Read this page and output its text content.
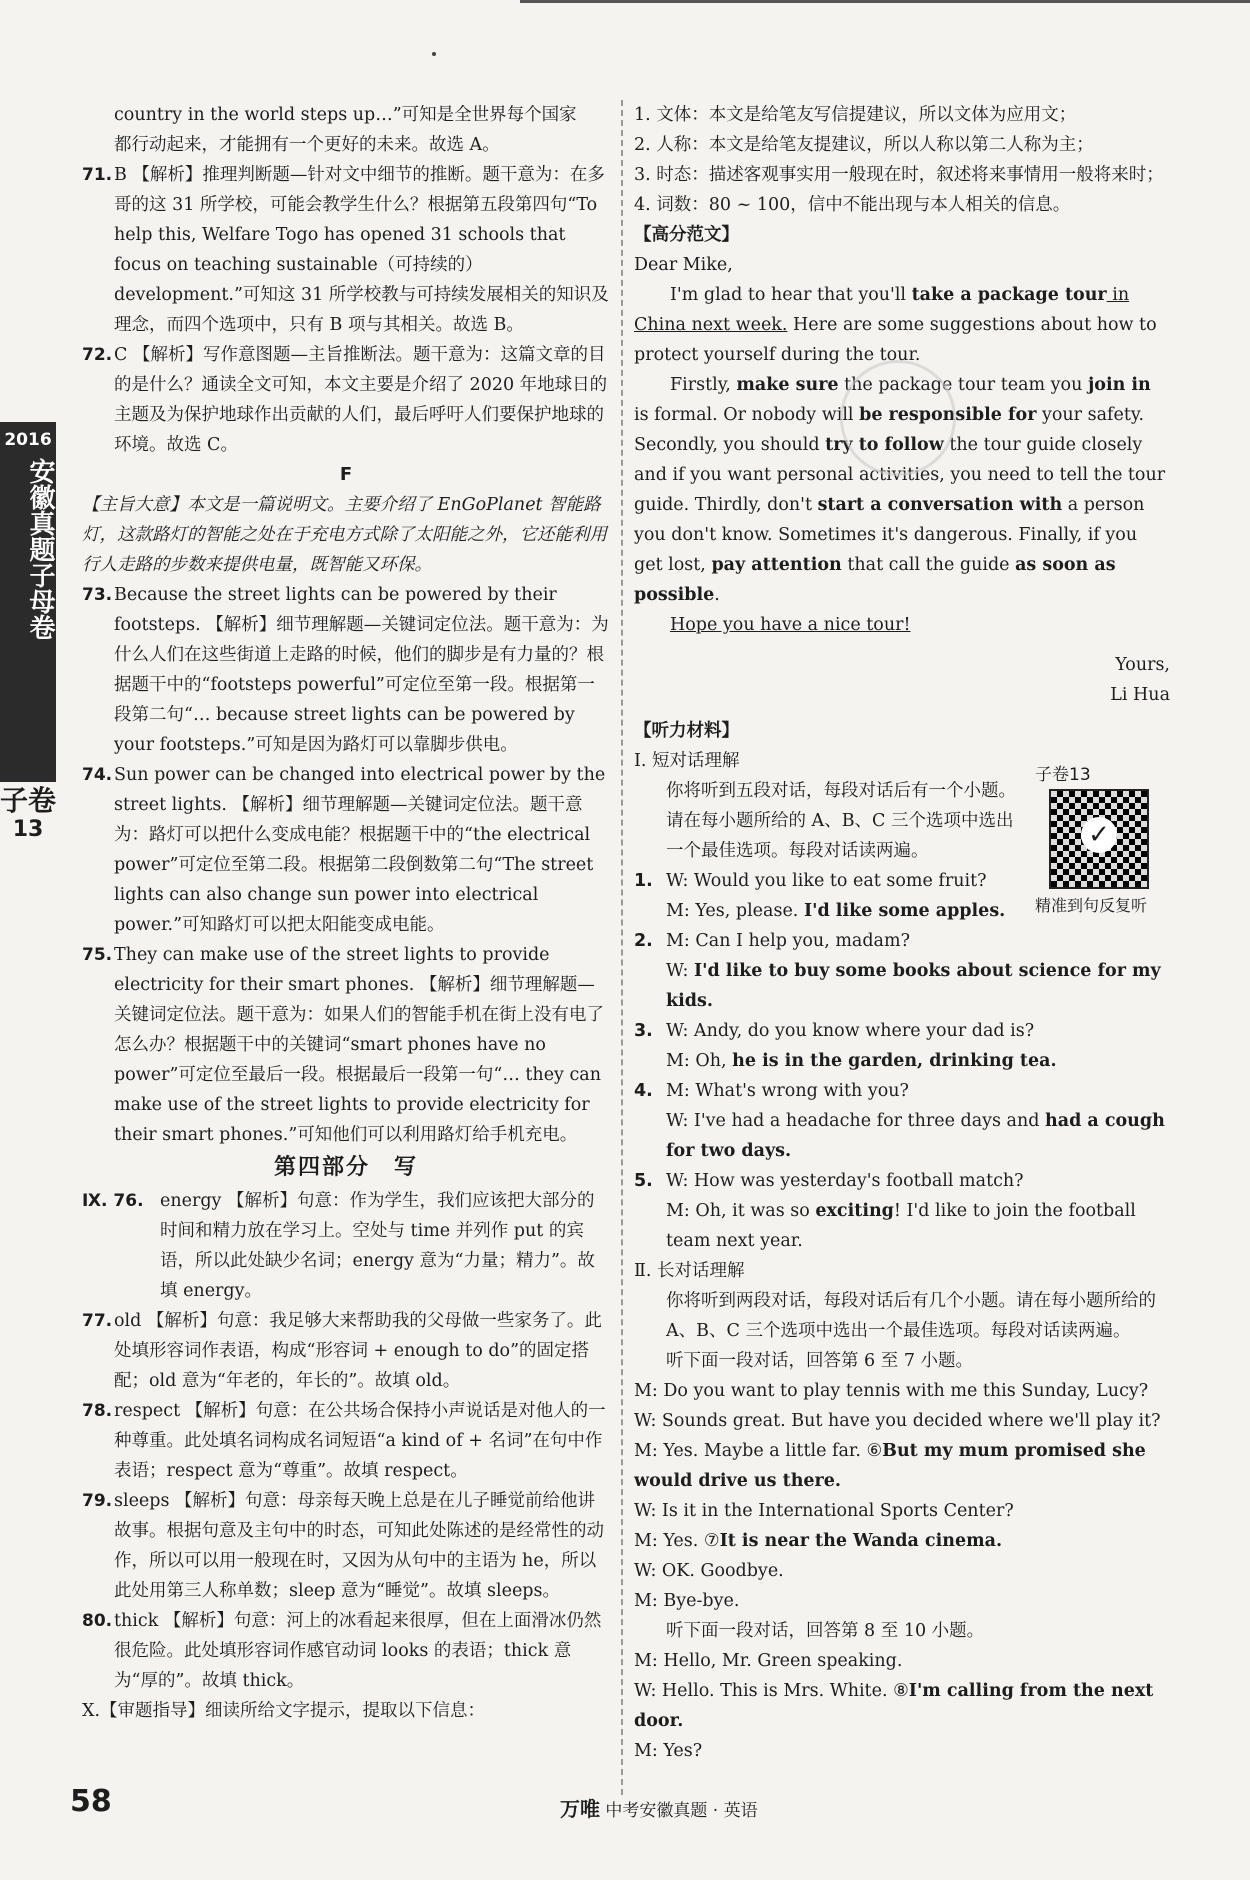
2016
安徽真题子母卷
子卷
13

country in the world steps up…”可知是全世界每个国家

都行动起来，才能拥有一个更好的未来。故选 A。

71. B 【解析】推理判断题—针对文中细节的推断。题干意为：在多哥的这 31 所学校，可能会教学生什么？根据第五段第四句“To help this, Welfare Togo has opened 31 schools that focus on teaching sustainable（可持续的）development.”可知这 31 所学校教与可持续发展相关的知识及理念，而四个选项中，只有 B 项与其相关。故选 B。
72. C 【解析】写作意图题—主旨推断法。题干意为：这篇文章的目的是什么？通读全文可知，本文主要是介绍了 2020 年地球日的主题及为保护地球作出贡献的人们，最后呼吁人们要保护地球的环境。故选 C。

F

【主旨大意】本文是一篇说明文。主要介绍了 EnGoPlanet 智能路灯，这款路灯的智能之处在于充电方式除了太阳能之外，它还能利用行人走路的步数来提供电量，既智能又环保。

73. Because the street lights can be powered by their footsteps. 【解析】细节理解题—关键词定位法。题干意为：为什么人们在这些街道上走路的时候，他们的脚步是有力量的？根据题干中的“footsteps powerful”可定位至第一段。根据第一段第二句“… because street lights can be powered by your footsteps.”可知是因为路灯可以靠脚步供电。
74. Sun power can be changed into electrical power by the street lights. 【解析】细节理解题—关键词定位法。题干意为：路灯可以把什么变成电能？根据题干中的“the electrical power”可定位至第二段。根据第二段倒数第二句“The street lights can also change sun power into electrical power.”可知路灯可以把太阳能变成电能。
75. They can make use of the street lights to provide electricity for their smart phones. 【解析】细节理解题—关键词定位法。题干意为：如果人们的智能手机在街上没有电了怎么办？根据题干中的关键词“smart phones have no power”可定位至最后一段。根据最后一段第一句“… they can make use of the street lights to provide electricity for their smart phones.”可知他们可以利用路灯给手机充电。

第四部分　写

Ⅸ. 76. energy 【解析】句意：作为学生，我们应该把大部分的时间和精力放在学习上。空处与 time 并列作 put 的宾语，所以此处缺少名词；energy 意为“力量；精力”。故填 energy。
77. old 【解析】句意：我足够大来帮助我的父母做一些家务了。此处填形容词作表语，构成“形容词 + enough to do”的固定搭配；old 意为“年老的，年长的”。故填 old。
78. respect 【解析】句意：在公共场合保持小声说话是对他人的一种尊重。此处填名词构成名词短语“a kind of + 名词”在句中作表语；respect 意为“尊重”。故填 respect。
79. sleeps 【解析】句意：母亲每天晚上总是在儿子睡觉前给他讲故事。根据句意及主句中的时态，可知此处陈述的是经常性的动作，所以可以用一般现在时，又因为从句中的主语为 he，所以此处用第三人称单数；sleep 意为“睡觉”。故填 sleeps。
80. thick 【解析】句意：河上的冰看起来很厚，但在上面滑冰仍然很危险。此处填形容词作感官动词 looks 的表语；thick 意为“厚的”。故填 thick。

Ⅹ.【审题指导】细读所给文字提示，提取以下信息：

1. 文体：本文是给笔友写信提建议，所以文体为应用文；

2. 人称：本文是给笔友提建议，所以人称以第二人称为主；

3. 时态：描述客观事实用一般现在时，叙述将来事情用一般将来时；

4. 词数：80 ~ 100，信中不能出现与本人相关的信息。

【高分范文】

Dear Mike,

I'm glad to hear that you'll take a package tour in China next week. Here are some suggestions about how to protect yourself during the tour.

Firstly, make sure the package tour team you join in is formal. Or nobody will be responsible for your safety. Secondly, you should try to follow the tour guide closely and if you want personal activities, you need to tell the tour guide. Thirdly, don't start a conversation with a person you don't know. Sometimes it's dangerous. Finally, if you get lost, pay attention that call the guide as soon as possible.

Hope you have a nice tour!

Yours,

Li Hua

【听力材料】

Ⅰ. 短对话理解

你将听到五段对话，每段对话后有一个小题。请在每小题所给的 A、B、C 三个选项中选出一个最佳选项。每段对话读两遍。

1. W: Would you like to eat some fruit?

M: Yes, please. I'd like some apples.

2. M: Can I help you, madam?

W: I'd like to buy some books about science for my kids.

3. W: Andy, do you know where your dad is?

M: Oh, he is in the garden, drinking tea.

4. M: What's wrong with you?

W: I've had a headache for three days and had a cough for two days.

5. W: How was yesterday's football match?

M: Oh, it was so exciting! I'd like to join the football team next year.

Ⅱ. 长对话理解

你将听到两段对话，每段对话后有几个小题。请在每小题所给的 A、B、C 三个选项中选出一个最佳选项。每段对话读两遍。

听下面一段对话，回答第 6 至 7 小题。

M: Do you want to play tennis with me this Sunday, Lucy?

W: Sounds great. But have you decided where we'll play it?

M: Yes. Maybe a little far. ⑥But my mum promised she would drive us there.

W: Is it in the International Sports Center?

M: Yes. ⑦It is near the Wanda cinema.

W: OK. Goodbye.

M: Bye-bye.

听下面一段对话，回答第 8 至 10 小题。

M: Hello, Mr. Green speaking.

W: Hello. This is Mrs. White. ⑧I'm calling from the next door.

M: Yes?

子卷13
✓
精准到句反复听
58	万唯 中考安徽真题 · 英语
